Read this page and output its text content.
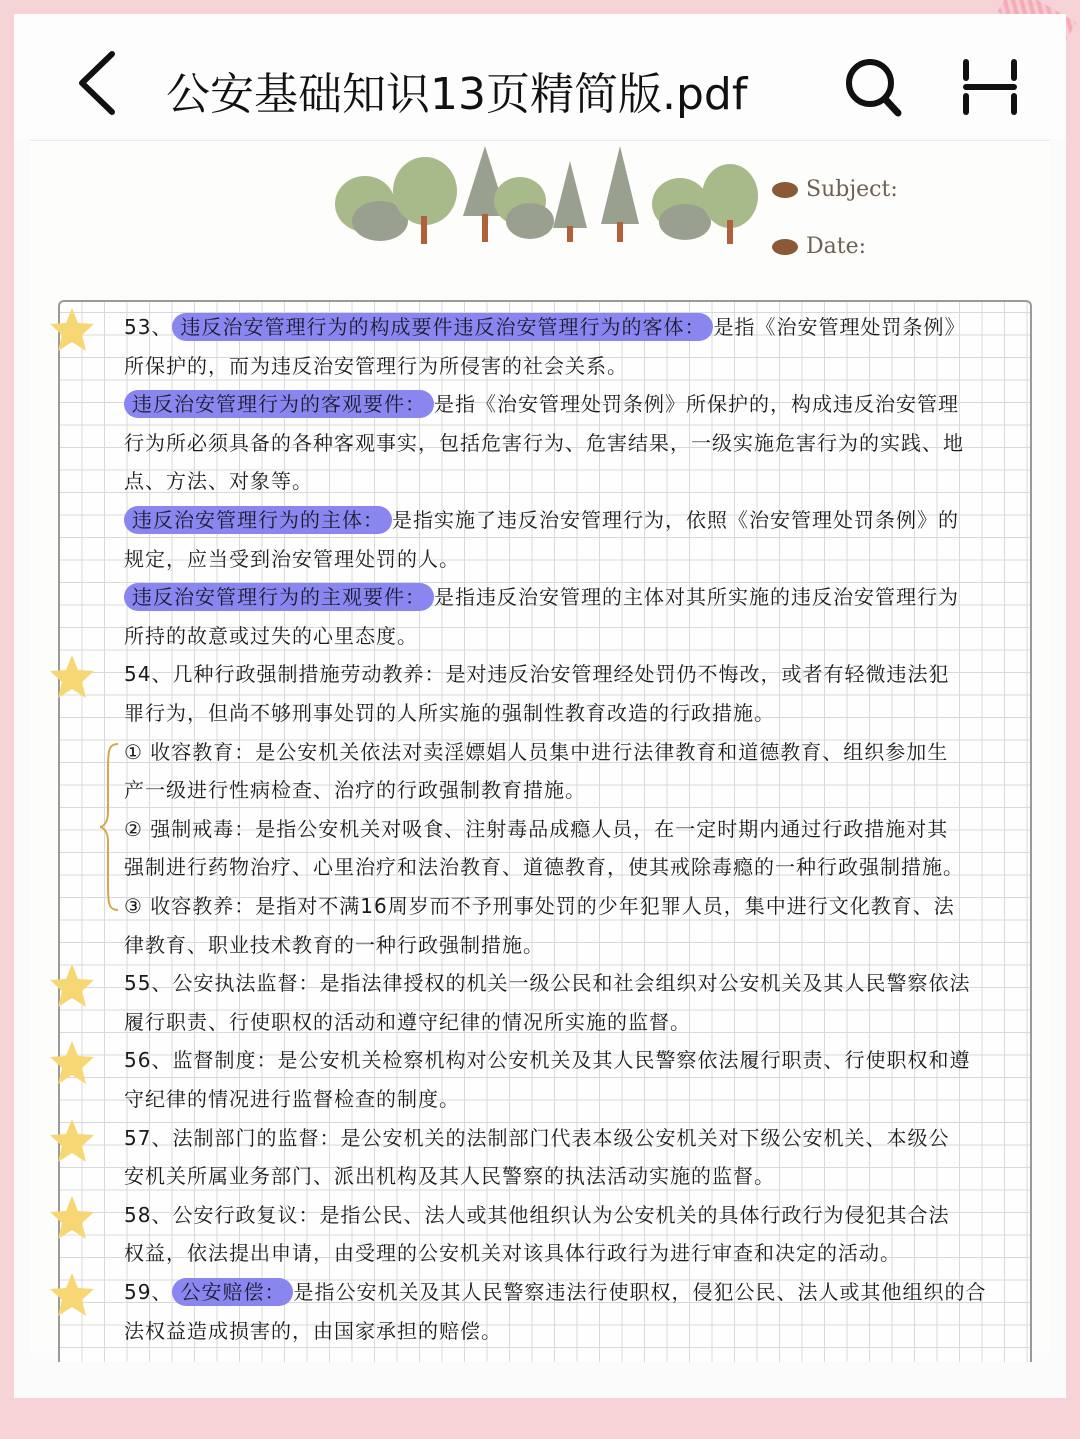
公安基础知识13页精简版.pdf
Subject:
Date:
53、 违反治安管理行为的构成要件违反治安管理行为的客体： 是指《治安管理处罚条例》
所保护的，而为违反治安管理行为所侵害的社会关系。
违反治安管理行为的客观要件： 是指《治安管理处罚条例》所保护的，构成违反治安管理
行为所必须具备的各种客观事实，包括危害行为、危害结果，一级实施危害行为的实践、地
点、方法、对象等。
违反治安管理行为的主体： 是指实施了违反治安管理行为，依照《治安管理处罚条例》的
规定，应当受到治安管理处罚的人。
违反治安管理行为的主观要件： 是指违反治安管理的主体对其所实施的违反治安管理行为
所持的故意或过失的心里态度。
54、几种行政强制措施劳动教养：是对违反治安管理经处罚仍不悔改，或者有轻微违法犯
罪行为，但尚不够刑事处罚的人所实施的强制性教育改造的行政措施。
① 收容教育：是公安机关依法对卖淫嫖娼人员集中进行法律教育和道德教育、组织参加生
产一级进行性病检查、治疗的行政强制教育措施。
② 强制戒毒：是指公安机关对吸食、注射毒品成瘾人员，在一定时期内通过行政措施对其
强制进行药物治疗、心里治疗和法治教育、道德教育，使其戒除毒瘾的一种行政强制措施。
③ 收容教养：是指对不满16周岁而不予刑事处罚的少年犯罪人员，集中进行文化教育、法
律教育、职业技术教育的一种行政强制措施。
55、公安执法监督：是指法律授权的机关一级公民和社会组织对公安机关及其人民警察依法
履行职责、行使职权的活动和遵守纪律的情况所实施的监督。
56、监督制度：是公安机关检察机构对公安机关及其人民警察依法履行职责、行使职权和遵
守纪律的情况进行监督检查的制度。
57、法制部门的监督：是公安机关的法制部门代表本级公安机关对下级公安机关、本级公
安机关所属业务部门、派出机构及其人民警察的执法活动实施的监督。
58、公安行政复议：是指公民、法人或其他组织认为公安机关的具体行政行为侵犯其合法
权益，依法提出申请，由受理的公安机关对该具体行政行为进行审查和决定的活动。
59、 公安赔偿： 是指公安机关及其人民警察违法行使职权，侵犯公民、法人或其他组织的合
法权益造成损害的，由国家承担的赔偿。
